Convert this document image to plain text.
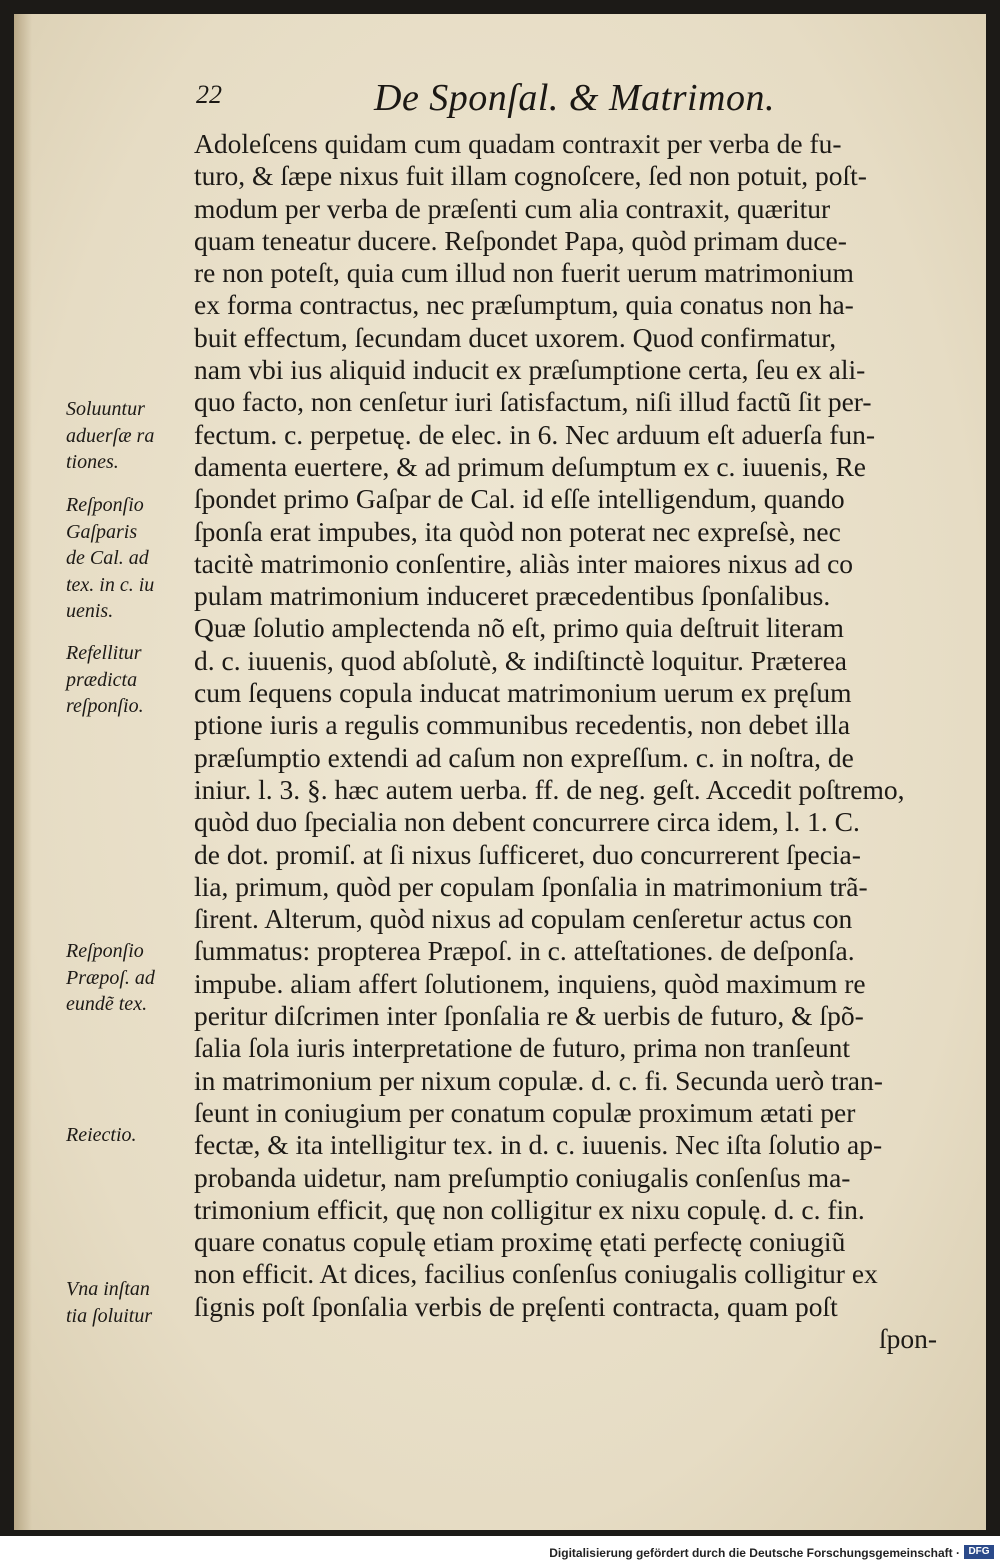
22	De Sponſal. & Matrimon.
Adoleſcens quidam cum quadam contraxit per verba de fu-
turo, & ſæpe nixus fuit illam cognoſcere, ſed non potuit, poſt-
modum per verba de præſenti cum alia contraxit, quæritur
quam teneatur ducere. Reſpondet Papa, quòd primam duce-
re non poteſt, quia cum illud non fuerit uerum matrimonium
ex forma contractus, nec præſumptum, quia conatus non ha-
buit effectum, ſecundam ducet uxorem. Quod confirmatur,
nam vbi ius aliquid inducit ex præſumptione certa, ſeu ex ali-
quo facto, non cenſetur iuri ſatisfactum, niſi illud factũ ſit per-
fectum. c. perpetuę. de elec. in 6. Nec arduum eſt aduerſa fun-
damenta euertere, & ad primum deſumptum ex c. iuuenis, Re
ſpondet primo Gaſpar de Cal. id eſſe intelligendum, quando
ſponſa erat impubes, ita quòd non poterat nec expreſsè, nec
tacitè matrimonio conſentire, aliàs inter maiores nixus ad co
pulam matrimonium induceret præcedentibus ſponſalibus.
Quæ ſolutio amplectenda nõ eſt, primo quia deſtruit literam
d. c. iuuenis, quod abſolutè, & indiſtinctè loquitur. Præterea
cum ſequens copula inducat matrimonium uerum ex pręſum
ptione iuris a regulis communibus recedentis, non debet illa
præſumptio extendi ad caſum non expreſſum. c. in noſtra, de
iniur. l. 3. §. hæc autem uerba. ff. de neg. geſt. Accedit poſtremo,
quòd duo ſpecialia non debent concurrere circa idem, l. 1. C.
de dot. promiſ. at ſi nixus ſufficeret, duo concurrerent ſpecia-
lia, primum, quòd per copulam ſponſalia in matrimonium trã-
ſirent. Alterum, quòd nixus ad copulam cenſeretur actus con
ſummatus: propterea Præpoſ. in c. atteſtationes. de deſponſa.
impube. aliam affert ſolutionem, inquiens, quòd maximum re
peritur diſcrimen inter ſponſalia re & uerbis de futuro, & ſpõ-
ſalia ſola iuris interpretatione de futuro, prima non tranſeunt
in matrimonium per nixum copulæ. d. c. fi. Secunda uerò tran-
ſeunt in coniugium per conatum copulæ proximum ætati per
fectæ, & ita intelligitur tex. in d. c. iuuenis. Nec iſta ſolutio ap-
probanda uidetur, nam preſumptio coniugalis conſenſus ma-
trimonium efficit, quę non colligitur ex nixu copulę. d. c. fin.
quare conatus copulę etiam proximę ętati perfectę coniugiũ
non efficit. At dices, facilius conſenſus coniugalis colligitur ex
ſignis poſt ſponſalia verbis de pręſenti contracta, quam poſt
ſpon-
Soluuntur
aduerſæ ra
tiones.
Reſponſio
Gaſparis
de Cal. ad
tex. in c. iu
uenis.
Refellitur
prædicta
reſponſio.
Reſponſio
Præpoſ. ad
eundẽ tex.
Reiectio.
Vna inſtan
tia ſoluitur
Digitalisierung gefördert durch die Deutsche Forschungsgemeinschaft · DFG
